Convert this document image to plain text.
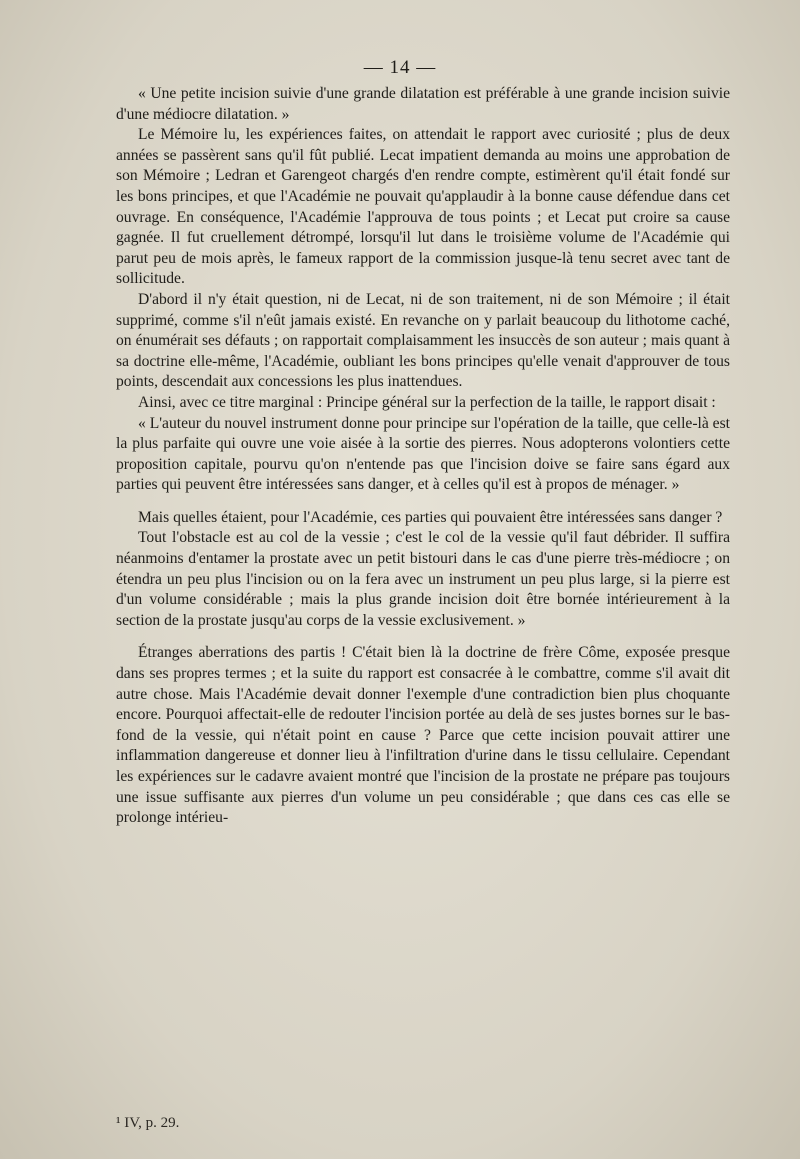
— 14 —

« Une petite incision suivie d'une grande dilatation est préférable à une grande incision suivie d'une médiocre dilatation. »

Le Mémoire lu, les expériences faites, on attendait le rapport avec curiosité ; plus de deux années se passèrent sans qu'il fût publié. Lecat impatient demanda au moins une approbation de son Mémoire ; Ledran et Garengeot chargés d'en rendre compte, estimèrent qu'il était fondé sur les bons principes, et que l'Académie ne pouvait qu'applaudir à la bonne cause défendue dans cet ouvrage. En conséquence, l'Académie l'approuva de tous points ; et Lecat put croire sa cause gagnée. Il fut cruellement détrompé, lorsqu'il lut dans le troisième volume de l'Académie qui parut peu de mois après, le fameux rapport de la commission jusque-là tenu secret avec tant de sollicitude.

D'abord il n'y était question, ni de Lecat, ni de son traitement, ni de son Mémoire ; il était supprimé, comme s'il n'eût jamais existé. En revanche on y parlait beaucoup du lithotome caché, on énumérait ses défauts ; on rapportait complaisamment les insuccès de son auteur ; mais quant à sa doctrine elle-même, l'Académie, oubliant les bons principes qu'elle venait d'approuver de tous points, descendait aux concessions les plus inattendues.

Ainsi, avec ce titre marginal : Principe général sur la perfection de la taille, le rapport disait :

« L'auteur du nouvel instrument donne pour principe sur l'opération de la taille, que celle-là est la plus parfaite qui ouvre une voie aisée à la sortie des pierres. Nous adopterons volontiers cette proposition capitale, pourvu qu'on n'entende pas que l'incision doive se faire sans égard aux parties qui peuvent être intéressées sans danger, et à celles qu'il est à propos de ménager. »

Mais quelles étaient, pour l'Académie, ces parties qui pouvaient être intéressées sans danger ?

Tout l'obstacle est au col de la vessie ; c'est le col de la vessie qu'il faut débrider. Il suffira néanmoins d'entamer la prostate avec un petit bistouri dans le cas d'une pierre très-médiocre ; on étendra un peu plus l'incision ou on la fera avec un instrument un peu plus large, si la pierre est d'un volume considérable ; mais la plus grande incision doit être bornée intérieurement à la section de la prostate jusqu'au corps de la vessie exclusivement. »

Étranges aberrations des partis ! C'était bien là la doctrine de frère Côme, exposée presque dans ses propres termes ; et la suite du rapport est consacrée à le combattre, comme s'il avait dit autre chose. Mais l'Académie devait donner l'exemple d'une contradiction bien plus choquante encore. Pourquoi affectait-elle de redouter l'incision portée au delà de ses justes bornes sur le bas-fond de la vessie, qui n'était point en cause ? Parce que cette incision pouvait attirer une inflammation dangereuse et donner lieu à l'infiltration d'urine dans le tissu cellulaire. Cependant les expériences sur le cadavre avaient montré que l'incision de la prostate ne prépare pas toujours une issue suffisante aux pierres d'un volume un peu considérable ; que dans ces cas elle se prolonge intérieu-

¹ IV, p. 29.
